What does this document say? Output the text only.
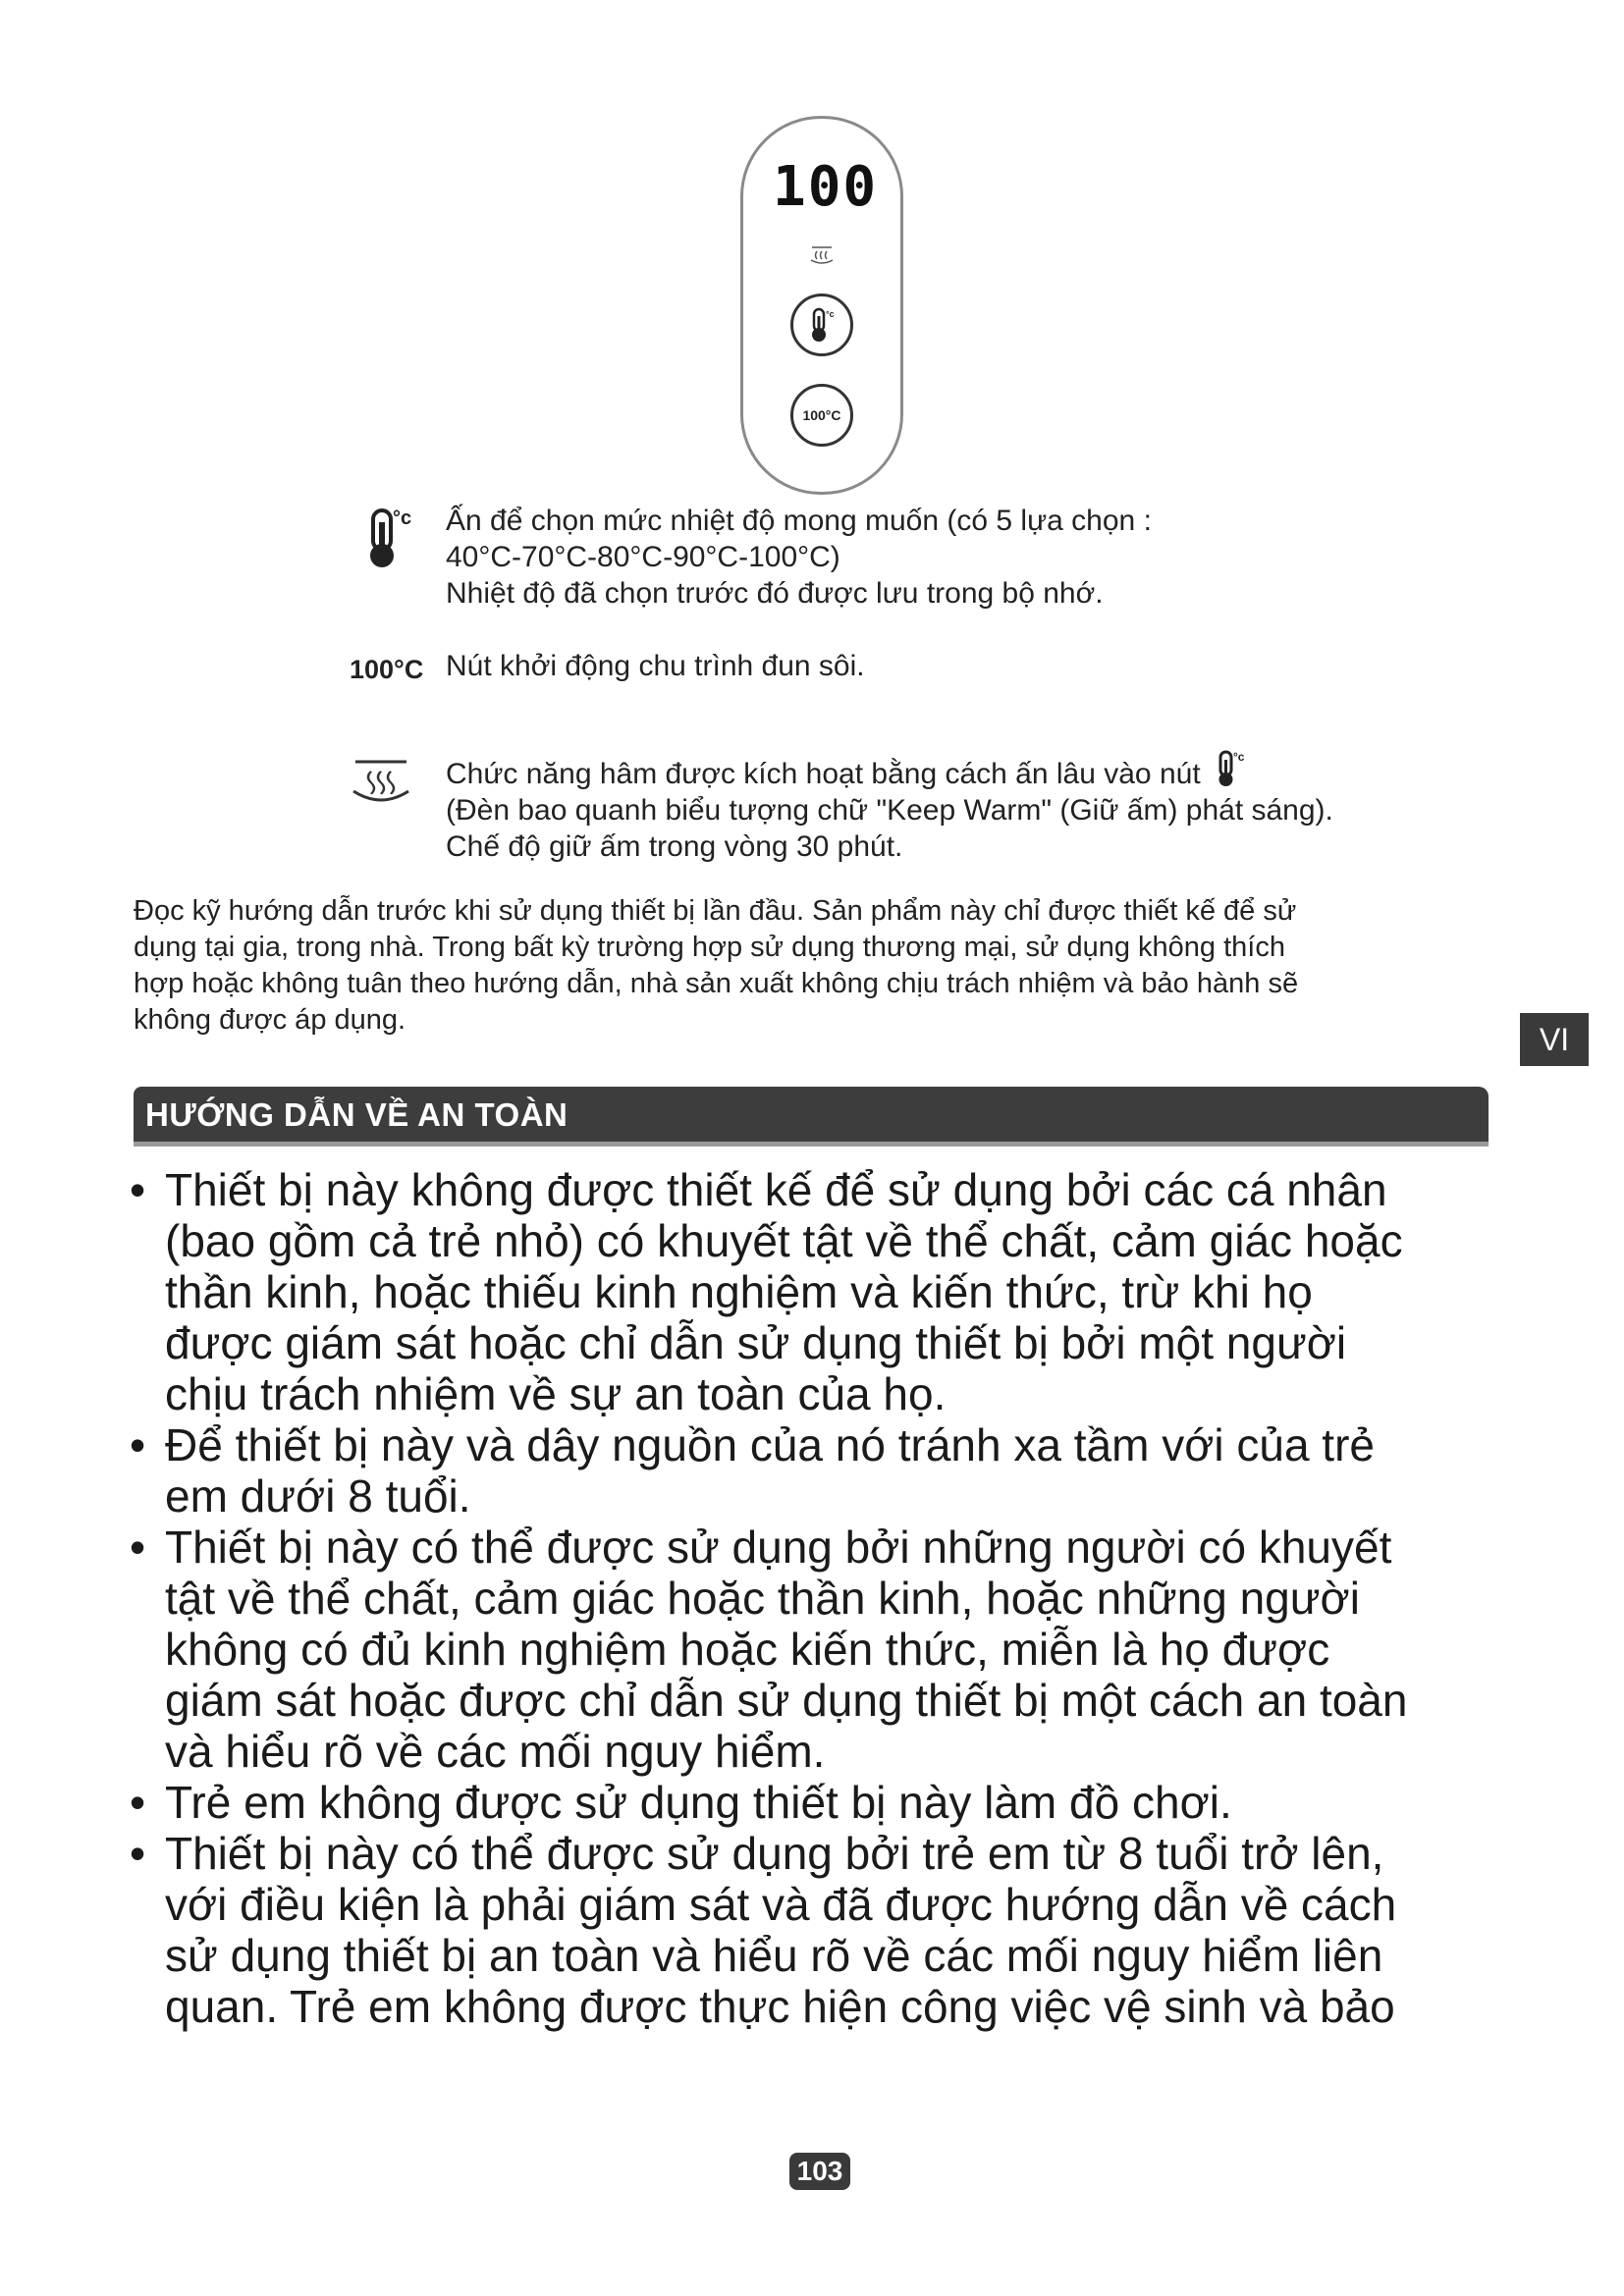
100
°c
100°C
°c Ấn để chọn mức nhiệt độ mong muốn (có 5 lựa chọn :
40°C-70°C-80°C-90°C-100°C)
Nhiệt độ đã chọn trước đó được lưu trong bộ nhớ.
100°C Nút khởi động chu trình đun sôi.
Chức năng hâm được kích hoạt bằng cách ấn lâu vào nút
°c
(Đèn bao quanh biểu tượng chữ "Keep Warm" (Giữ ấm) phát sáng).
Chế độ giữ ấm trong vòng 30 phút.
Đọc kỹ hướng dẫn trước khi sử dụng thiết bị lần đầu. Sản phẩm này chỉ được thiết kế để sử
dụng tại gia, trong nhà. Trong bất kỳ trường hợp sử dụng thương mại, sử dụng không thích
hợp hoặc không tuân theo hướng dẫn, nhà sản xuất không chịu trách nhiệm và bảo hành sẽ
không được áp dụng.
VI
HƯỚNG DẪN VỀ AN TOÀN
• Thiết bị này không được thiết kế để sử dụng bởi các cá nhân
(bao gồm cả trẻ nhỏ) có khuyết tật về thể chất, cảm giác hoặc
thần kinh, hoặc thiếu kinh nghiệm và kiến thức, trừ khi họ
được giám sát hoặc chỉ dẫn sử dụng thiết bị bởi một người
chịu trách nhiệm về sự an toàn của họ.
• Để thiết bị này và dây nguồn của nó tránh xa tầm với của trẻ
em dưới 8 tuổi.
• Thiết bị này có thể được sử dụng bởi những người có khuyết
tật về thể chất, cảm giác hoặc thần kinh, hoặc những người
không có đủ kinh nghiệm hoặc kiến thức, miễn là họ được
giám sát hoặc được chỉ dẫn sử dụng thiết bị một cách an toàn
và hiểu rõ về các mối nguy hiểm.
• Trẻ em không được sử dụng thiết bị này làm đồ chơi.
• Thiết bị này có thể được sử dụng bởi trẻ em từ 8 tuổi trở lên,
với điều kiện là phải giám sát và đã được hướng dẫn về cách
sử dụng thiết bị an toàn và hiểu rõ về các mối nguy hiểm liên
quan. Trẻ em không được thực hiện công việc vệ sinh và bảo
103
